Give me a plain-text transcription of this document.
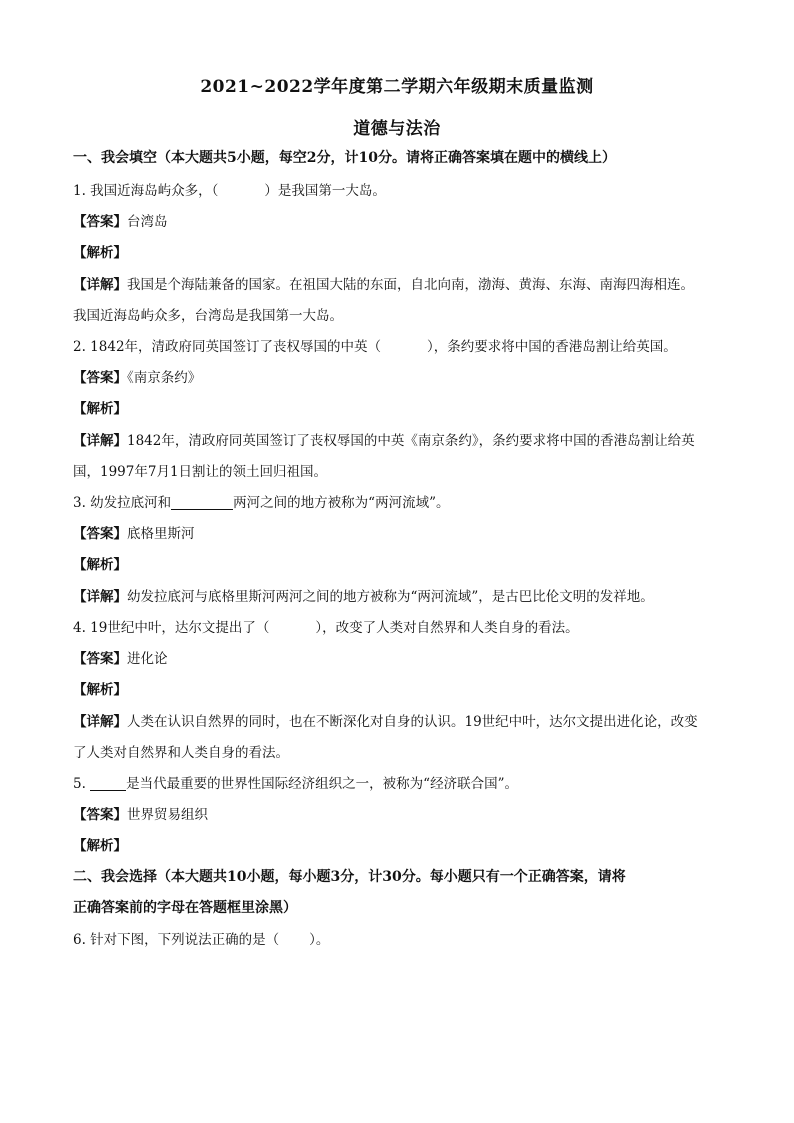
2021~2022学年度第二学期六年级期末质量监测
道德与法治
一、我会填空（本大题共5小题，每空2分，计10分。请将正确答案填在题中的横线上）
1. 我国近海岛屿众多，（	）是我国第一大岛。
【答案】台湾岛
【解析】
【详解】我国是个海陆兼备的国家。在祖国大陆的东面，自北向南，渤海、黄海、东海、南海四海相连。
我国近海岛屿众多，台湾岛是我国第一大岛。
2. 1842年，清政府同英国签订了丧权辱国的中英（	），条约要求将中国的香港岛割让给英国。
【答案】《南京条约》
【解析】
【详解】1842年，清政府同英国签订了丧权辱国的中英《南京条约》，条约要求将中国的香港岛割让给英
国，1997年7月1日割让的领土回归祖国。
3. 幼发拉底河和	两河之间的地方被称为“两河流域”。
【答案】底格里斯河
【解析】
【详解】幼发拉底河与底格里斯河两河之间的地方被称为“两河流域”，是古巴比伦文明的发祥地。
4. 19世纪中叶，达尔文提出了（	），改变了人类对自然界和人类自身的看法。
【答案】进化论
【解析】
【详解】人类在认识自然界的同时，也在不断深化对自身的认识。19世纪中叶，达尔文提出进化论，改变
了人类对自然界和人类自身的看法。
5.	是当代最重要的世界性国际经济组织之一，被称为“经济联合国”。
【答案】世界贸易组织
【解析】
二、我会选择（本大题共10小题，每小题3分，计30分。每小题只有一个正确答案，请将
正确答案前的字母在答题框里涂黑）
6. 针对下图，下列说法正确的是（ ）。
